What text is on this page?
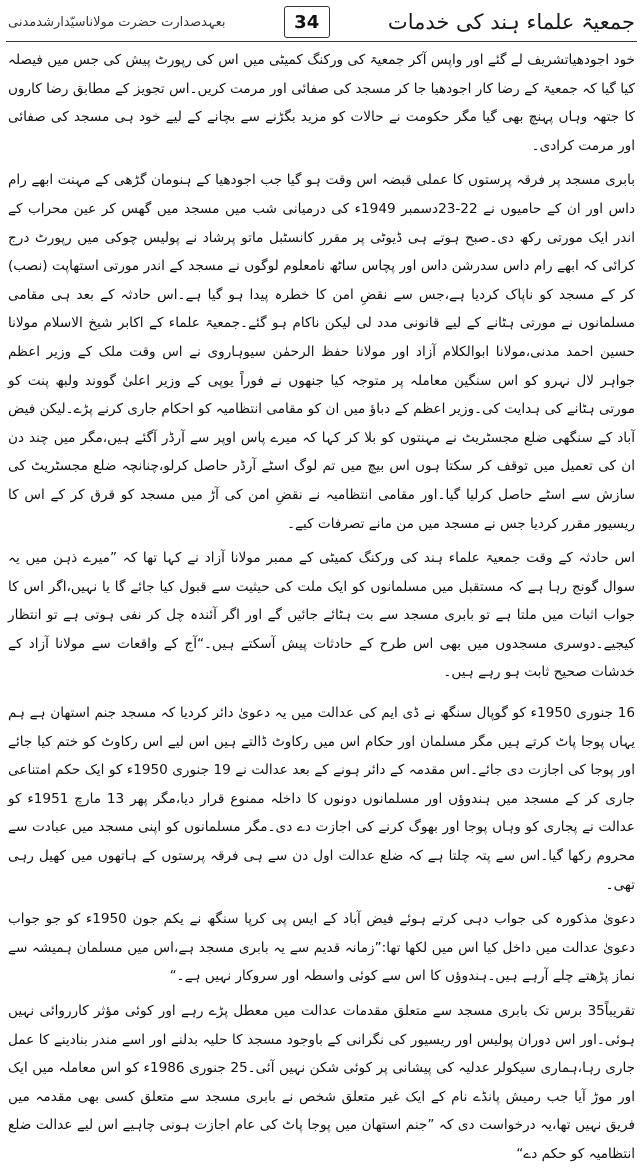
جمعیۃ علماء ہند کی خدمات
34
بعہدصدارت حضرت مولاناسیّدارشدمدنی

خود اجودھیاتشریف لے گئے اور واپس آکر جمعیۃ کی ورکنگ کمیٹی میں اس کی رپورٹ پیش کی جس میں فیصلہ کیا گیا کہ جمعیۃ کے رضا کار اجودھیا جا کر مسجد کی صفائی اور مرمت کریں۔اس تجویز کے مطابق رضا کاروں کا جتھہ وہاں پہنچ بھی گیا مگر حکومت نے حالات کو مزید بگڑنے سے بچانے کے لیے خود ہی مسجد کی صفائی اور مرمت کرادی۔

بابری مسجد پر فرقہ پرستوں کا عملی قبضہ اس وقت ہو گیا جب اجودھیا کے ہنومان گڑھی کے مہنت ابھے رام داس اور ان کے حامیوں نے 22-23دسمبر 1949ء کی درمیانی شب میں مسجد میں گھس کر عین محراب کے اندر ایک مورتی رکھ دی۔صبح ہوتے ہی ڈیوٹی پر مقرر کانسٹبل ماتو پرشاد نے پولیس چوکی میں رپورٹ درج کرائی کہ ابھے رام داس سدرشن داس اور پچاس ساٹھ نامعلوم لوگوں نے مسجد کے اندر مورتی استھاپت (نصب) کر کے مسجد کو ناپاک کردیا ہے،جس سے نقضِ امن کا خطرہ پیدا ہو گیا ہے۔اس حادثہ کے بعد ہی مقامی مسلمانوں نے مورتی ہٹانے کے لیے قانونی مدد لی لیکن ناکام ہو گئے۔جمعیۃ علماء کے اکابر شیخ الاسلام مولانا حسین احمد مدنی،مولانا ابوالکلام آزاد اور مولانا حفظ الرحمٰن سیوہاروی نے اس وقت ملک کے وزیر اعظم جواہر لال نہرو کو اس سنگین معاملہ پر متوجہ کیا جنھوں نے فوراً یوپی کے وزیر اعلیٰ گووند ولبھ پنت کو مورتی ہٹانے کی ہدایت کی۔وزیر اعظم کے دباؤ میں ان کو مقامی انتظامیہ کو احکام جاری کرنے پڑے۔لیکن فیض آباد کے سنگھی ضلع مجسٹریٹ نے مہنتوں کو بلا کر کہا کہ میرے پاس اوپر سے آرڈر آگئے ہیں،مگر میں چند دن ان کی تعمیل میں توقف کر سکتا ہوں اس بیچ میں تم لوگ اسٹے آرڈر حاصل کرلو،چنانچہ ضلع مجسٹریٹ کی سازش سے اسٹے حاصل کرلیا گیا۔اور مقامی انتظامیہ نے نقضِ امن کی آڑ میں مسجد کو قرق کر کے اس کا ریسیور مقرر کردیا جس نے مسجد میں من مانے تصرفات کیے۔

اس حادثہ کے وقت جمعیۃ علماء ہند کی ورکنگ کمیٹی کے ممبر مولانا آزاد نے کہا تھا کہ ”میرے ذہن میں یہ سوال گونج رہا ہے کہ مستقبل میں مسلمانوں کو ایک ملت کی حیثیت سے قبول کیا جائے گا یا نہیں،اگر اس کا جواب اثبات میں ملتا ہے تو بابری مسجد سے بت ہٹائے جائیں گے اور اگر آئندہ چل کر نفی ہوتی ہے تو انتظار کیجیے۔دوسری مسجدوں میں بھی اس طرح کے حادثات پیش آسکتے ہیں۔“آج کے واقعات سے مولانا آزاد کے خدشات صحیح ثابت ہو رہے ہیں۔

16 جنوری 1950ء کو گوپال سنگھ نے ڈی ایم کی عدالت میں یہ دعویٰ دائر کردیا کہ مسجد جنم استھان ہے ہم یہاں پوجا پاٹ کرتے ہیں مگر مسلمان اور حکام اس میں رکاوٹ ڈالتے ہیں اس لیے اس رکاوٹ کو ختم کیا جائے اور پوجا کی اجازت دی جائے۔اس مقدمہ کے دائر ہونے کے بعد عدالت نے 19 جنوری 1950ء کو ایک حکم امتناعی جاری کر کے مسجد میں ہندوؤں اور مسلمانوں دونوں کا داخلہ ممنوع قرار دیا،مگر پھر 13 مارچ 1951ء کو عدالت نے پجاری کو وہاں پوجا اور بھوگ کرنے کی اجازت دے دی۔مگر مسلمانوں کو اپنی مسجد میں عبادت سے محروم رکھا گیا۔اس سے پتہ چلتا ہے کہ ضلع عدالت اول دن سے ہی فرقہ پرستوں کے ہاتھوں میں کھیل رہی تھی۔

دعویٰ مذکورہ کی جواب دہی کرتے ہوئے فیض آباد کے ایس پی کرپا سنگھ نے یکم جون 1950ء کو جو جواب دعویٰ عدالت میں داخل کیا اس میں لکھا تھا:”زمانہ قدیم سے یہ بابری مسجد ہے،اس میں مسلمان ہمیشہ سے نماز پڑھتے چلے آرہے ہیں۔ہندوؤں کا اس سے کوئی واسطہ اور سروکار نہیں ہے۔“

تقریباً35 برس تک بابری مسجد سے متعلق مقدمات عدالت میں معطل پڑے رہے اور کوئی مؤثر کارروائی نہیں ہوئی۔اور اس دوران پولیس اور ریسیور کی نگرانی کے باوجود مسجد کا حلیہ بدلنے اور اسے مندر بنادینے کا عمل جاری رہا،ہماری سیکولر عدلیہ کی پیشانی پر کوئی شکن نہیں آئی۔25 جنوری 1986ء کو اس معاملہ میں ایک اور موڑ آیا جب رمیش پانڈے نام کے ایک غیر متعلق شخص نے بابری مسجد سے متعلق کسی بھی مقدمہ میں فریق نہیں تھا،یہ درخواست دی کہ ”جنم استھان میں پوجا پاٹ کی عام اجازت ہونی چاہیے اس لیے عدالت ضلع انتظامیہ کو حکم دے“
